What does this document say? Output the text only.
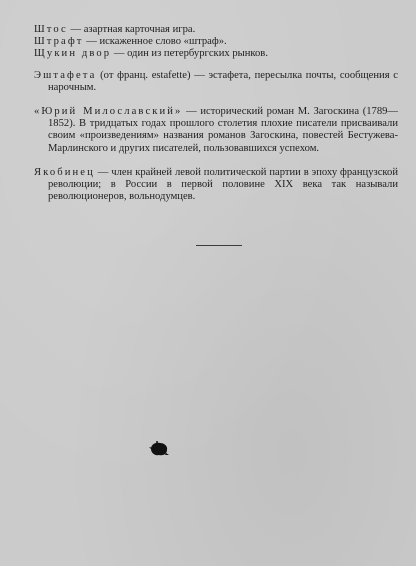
Штос — азартная карточная игра.

Штрафт — искаженное слово «штраф».

Щукин двор — один из петербургских рынков.

Эштафета (от франц. estafette) — эстафета, пересылка почты, сообщения с нарочным.

«Юрий Милославский» — исторический роман М. Загоскина (1789—1852). В тридцатых годах прошлого столетия плохие писатели присваивали своим «произведениям» названия романов Загоскина, повестей Бестужева-Марлинского и других писателей, пользовавшихся успехом.

Якобинец — член крайней левой политической партии в эпоху французской революции; в России в первой половине XIX века так называли революционеров, вольнодумцев.
